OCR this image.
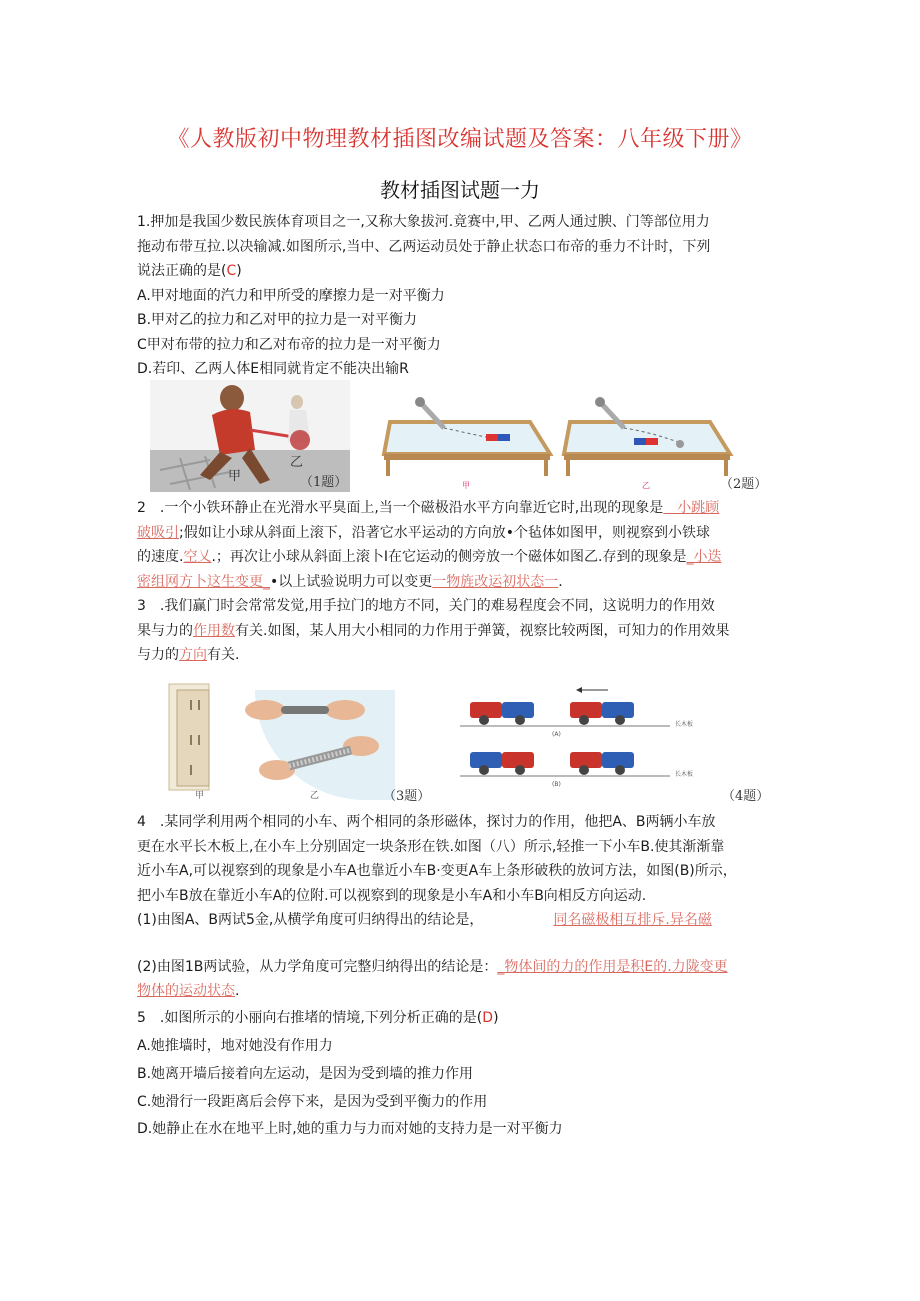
《人教版初中物理教材插图改编试题及答案：八年级下册》
教材插图试题一力
1.押加是我国少数民族体育项目之一,又称大象拔河.竟赛中,甲、乙两人通过腴、门等部位用力
拖动布带互拉.以决输减.如图所示,当中、乙两运动员处于静止状态口布帝的垂力不计时，下列
说法正确的是(C)
A.甲对地面的汽力和甲所受的摩擦力是一对平衡力
B.甲对乙的拉力和乙对甲的拉力是一对平衡力
C甲对布带的拉力和乙对布帝的拉力是一对平衡力
D.若印、乙两人体E相同就肯定不能决出输R
甲
乙
（1题）	甲	乙	（2题）
2　.一个小铁环静止在光滑水平臭面上,当一个磁极沿水平方向靠近它时,出现的现象是　小跳顾
破吸引;假如让小球从斜面上滚下，沿著它水平运动的方向放•个毡体如图甲，则视察到小铁球
的速度.空乂.；再次让小球从斜面上滚卜I在它运动的侧旁放一个磁体如图乙.存到的现象是_小迭
密组网方卜这生变更_•以上试验说明力可以变更一物旌改运初状态一.
3　.我们赢门时会常常发觉,用手拉门的地方不同，关门的难易程度会不同，这说明力的作用效
果与力的作用数有关.如图，某人用大小相同的力作用于弹簧，视察比较两图，可知力的作用效果
与力的方向有关.
甲	乙	（3题）
长木板
(A)
长木板
(B)
（4题）
4　.某同学利用两个相同的小车、两个相同的条形磁体，探讨力的作用，他把A、B两辆小车放
更在水平长木板上,在小车上分别固定一块条形在铁.如图（八）所示,轻推一下小车B.使其渐渐靠
近小车A,可以视察到的现象是小车A也靠近小车B·变更A车上条形破秩的放诃方法，如图(B)所示，
把小车B放在靠近小车A的位附.可以视察到的现象是小车A和小车B向相反方向运动.
(1)由图A、B两试5金,从横学角度可归纳得出的结论是，	同名磁极相互排斥.异名磁
(2)由图1B两试验，从力学角度可完整归纳得出的结论是：_物体间的力的作用是积E的.力陇变更
物体的运动状态.
5　.如图所示的小丽向右推堵的情境,下列分析正确的是(D)
A.她推墙时，地对她没有作用力
B.她离开墙后接着向左运动，是因为受到墙的推力作用
C.她滑行一段距离后会停下来，是因为受到平衡力的作用
D.她静止在水在地平上时,她的重力与力而对她的支持力是一对平衡力
